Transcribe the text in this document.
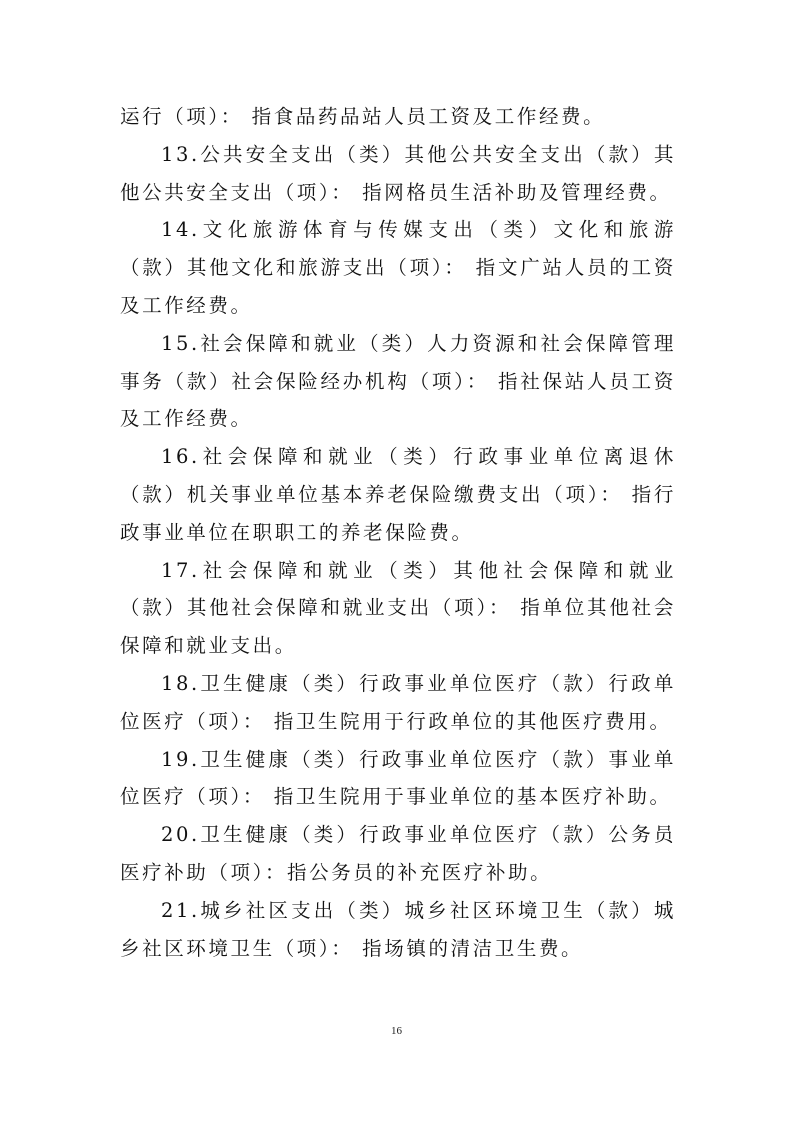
运行（项）： 指食品药品站人员工资及工作经费。

13.公共安全支出（类）其他公共安全支出（款）其他公共安全支出（项）： 指网格员生活补助及管理经费。

14.文化旅游体育与传媒支出（类）文化和旅游（款）其他文化和旅游支出（项）： 指文广站人员的工资及工作经费。

15.社会保障和就业（类）人力资源和社会保障管理事务（款）社会保险经办机构（项）： 指社保站人员工资及工作经费。

16.社会保障和就业（类）行政事业单位离退休（款）机关事业单位基本养老保险缴费支出（项）： 指行政事业单位在职职工的养老保险费。

17.社会保障和就业（类）其他社会保障和就业（款）其他社会保障和就业支出（项）： 指单位其他社会保障和就业支出。

18.卫生健康（类）行政事业单位医疗（款）行政单位医疗（项）： 指卫生院用于行政单位的其他医疗费用。

19.卫生健康（类）行政事业单位医疗（款）事业单位医疗（项）： 指卫生院用于事业单位的基本医疗补助。

20.卫生健康（类）行政事业单位医疗（款）公务员医疗补助（项）：指公务员的补充医疗补助。

21.城乡社区支出（类）城乡社区环境卫生（款）城乡社区环境卫生（项）： 指场镇的清洁卫生费。

16
